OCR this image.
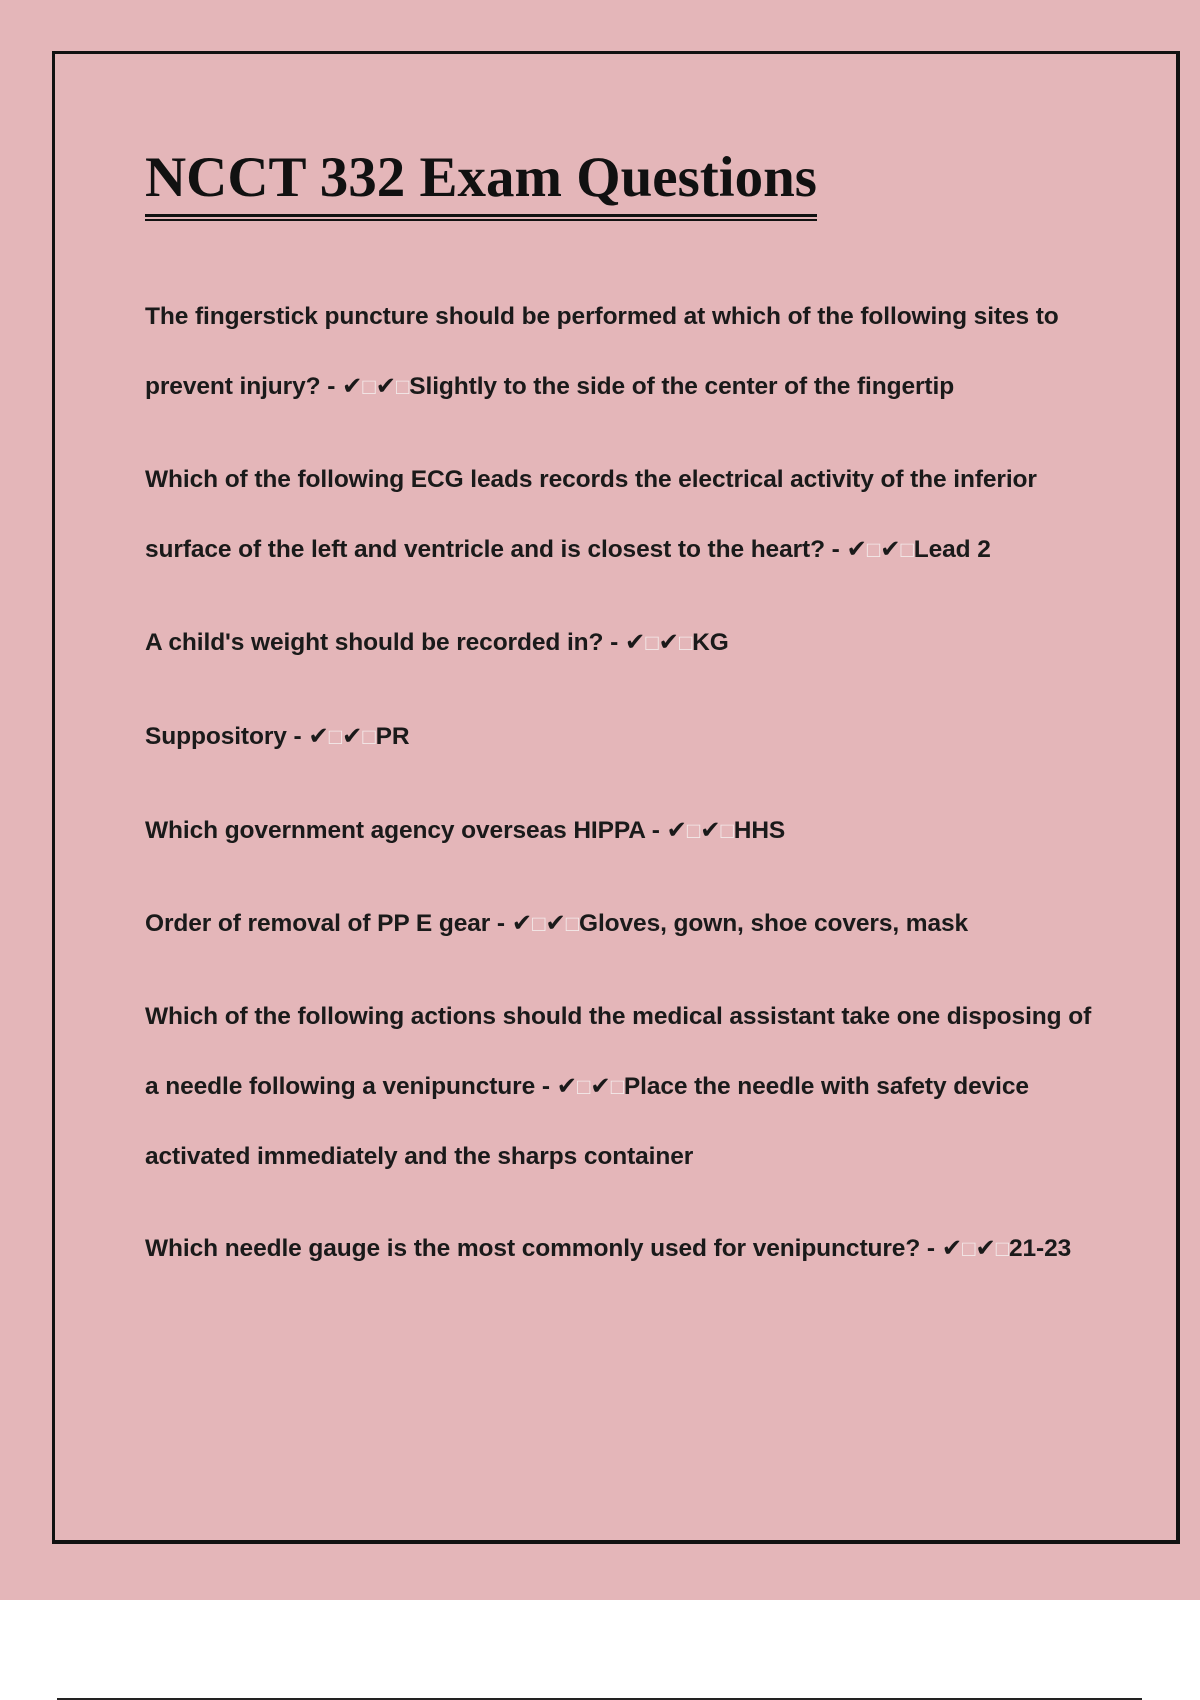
NCCT 332 Exam Questions

The fingerstick puncture should be performed at which of the following sites to prevent injury? - ✔□✔□Slightly to the side of the center of the fingertip

Which of the following ECG leads records the electrical activity of the inferior surface of the left and ventricle and is closest to the heart? - ✔□✔□Lead 2

A child's weight should be recorded in? - ✔□✔□KG

Suppository - ✔□✔□PR

Which government agency overseas HIPPA - ✔□✔□HHS

Order of removal of PP E gear - ✔□✔□Gloves, gown, shoe covers, mask

Which of the following actions should the medical assistant take one disposing of a needle following a venipuncture - ✔□✔□Place the needle with safety device activated immediately and the sharps container

Which needle gauge is the most commonly used for venipuncture? - ✔□✔□21-23
